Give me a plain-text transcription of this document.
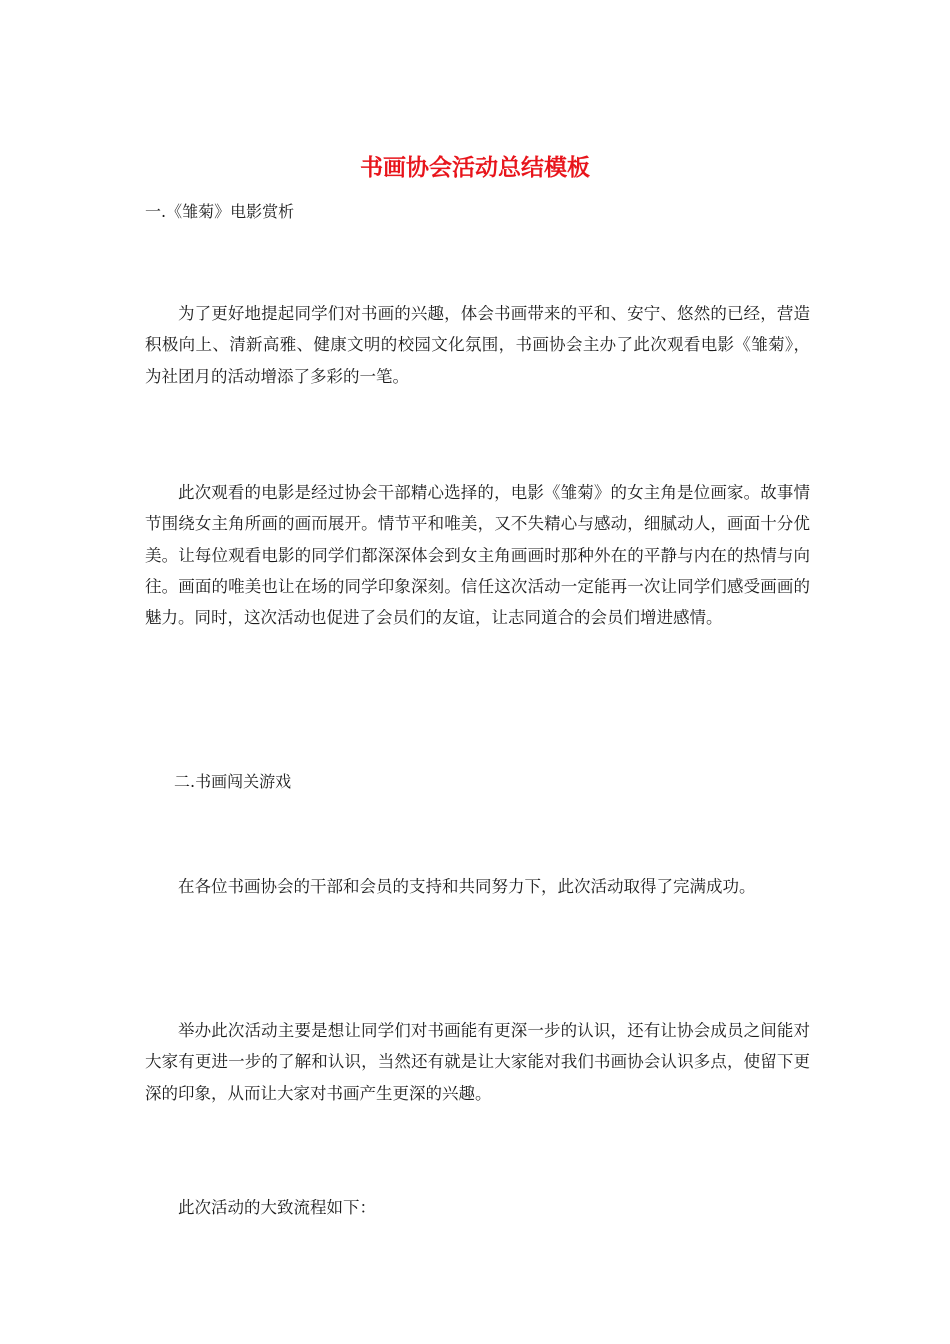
书画协会活动总结模板
一.《雏菊》电影赏析

为了更好地提起同学们对书画的兴趣，体会书画带来的平和、安宁、悠然的已经，营造积极向上、清新高雅、健康文明的校园文化氛围，书画协会主办了此次观看电影《雏菊》，为社团月的活动增添了多彩的一笔。

此次观看的电影是经过协会干部精心选择的，电影《雏菊》的女主角是位画家。故事情节围绕女主角所画的画而展开。情节平和唯美，又不失精心与感动，细腻动人，画面十分优美。让每位观看电影的同学们都深深体会到女主角画画时那种外在的平静与内在的热情与向往。画面的唯美也让在场的同学印象深刻。信任这次活动一定能再一次让同学们感受画画的魅力。同时，这次活动也促进了会员们的友谊，让志同道合的会员们增进感情。

二.书画闯关游戏

在各位书画协会的干部和会员的支持和共同努力下，此次活动取得了完满成功。

举办此次活动主要是想让同学们对书画能有更深一步的认识，还有让协会成员之间能对大家有更进一步的了解和认识，当然还有就是让大家能对我们书画协会认识多点，使留下更深的印象，从而让大家对书画产生更深的兴趣。

此次活动的大致流程如下：
